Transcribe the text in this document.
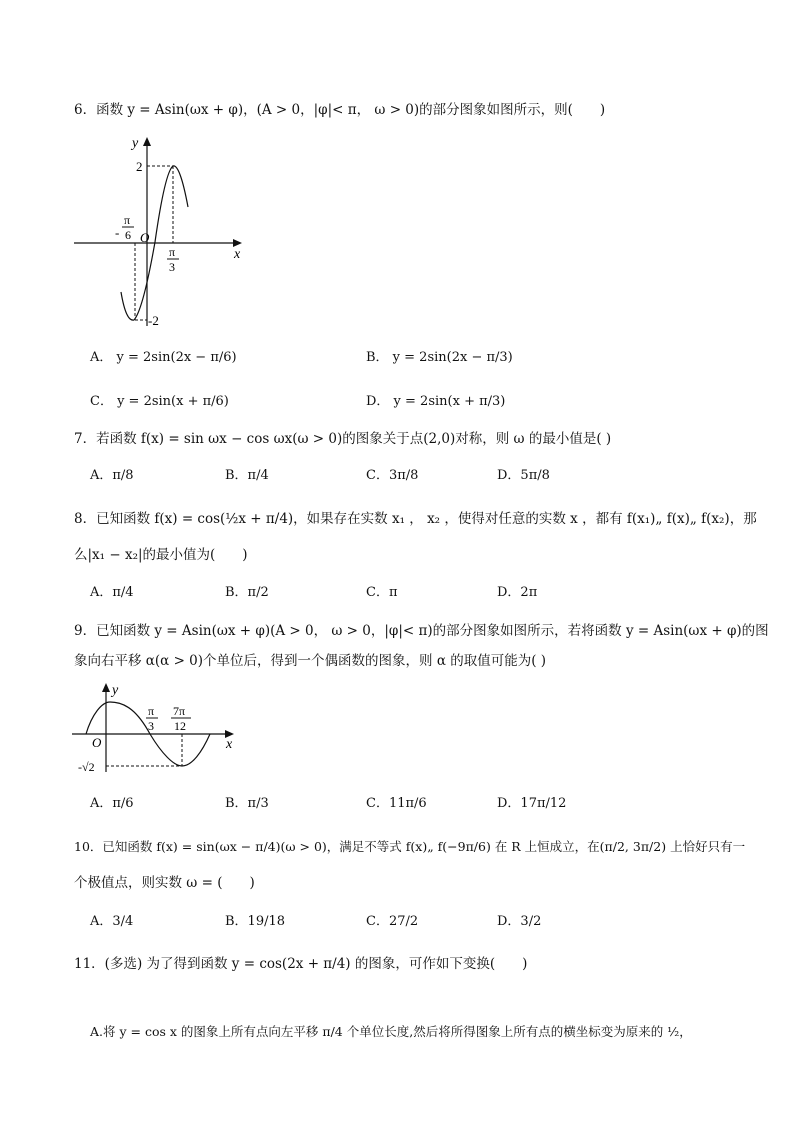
6．函数 y = Asin(ωx + φ)，(A > 0，|φ|< π， ω > 0)的部分图象如图所示，则(　　)
y
x
O
2
-2
-
π
6
π
3
A． y = 2sin(2x − π/6)	B． y = 2sin(2x − π/3)
C． y = 2sin(x + π/6)	D． y = 2sin(x + π/3)
7．若函数 f(x) = sin ωx − cos ωx(ω > 0)的图象关于点(2,0)对称，则 ω 的最小值是( )
A．π/8	B．π/4	C．3π/8	D．5π/8
8．已知函数 f(x) = cos(½x + π/4)，如果存在实数 x₁ ， x₂ ，使得对任意的实数 x ，都有 f(x₁)„ f(x)„ f(x₂)，那
么|x₁ − x₂|的最小值为(　　)
A．π/4	B．π/2	C．π	D．2π
9．已知函数 y = Asin(ωx + φ)(A > 0， ω > 0，|φ|< π)的部分图象如图所示，若将函数 y = Asin(ωx + φ)的图
象向右平移 α(α > 0)个单位后，得到一个偶函数的图象，则 α 的取值可能为( )
y
x
O
-√2
π
3
7π
12
A．π/6	B．π/3	C．11π/6	D．17π/12
10．已知函数 f(x) = sin(ωx − π/4)(ω > 0)，满足不等式 f(x)„ f(−9π/6) 在 R 上恒成立，在(π/2, 3π/2) 上恰好只有一
个极值点，则实数 ω = (　　)
A．3/4	B．19/18	C．27/2	D．3/2
11．(多选) 为了得到函数 y = cos(2x + π/4) 的图象，可作如下变换(　　)
A.将 y = cos x 的图象上所有点向左平移 π/4 个单位长度,然后将所得图象上所有点的横坐标变为原来的 ½，
